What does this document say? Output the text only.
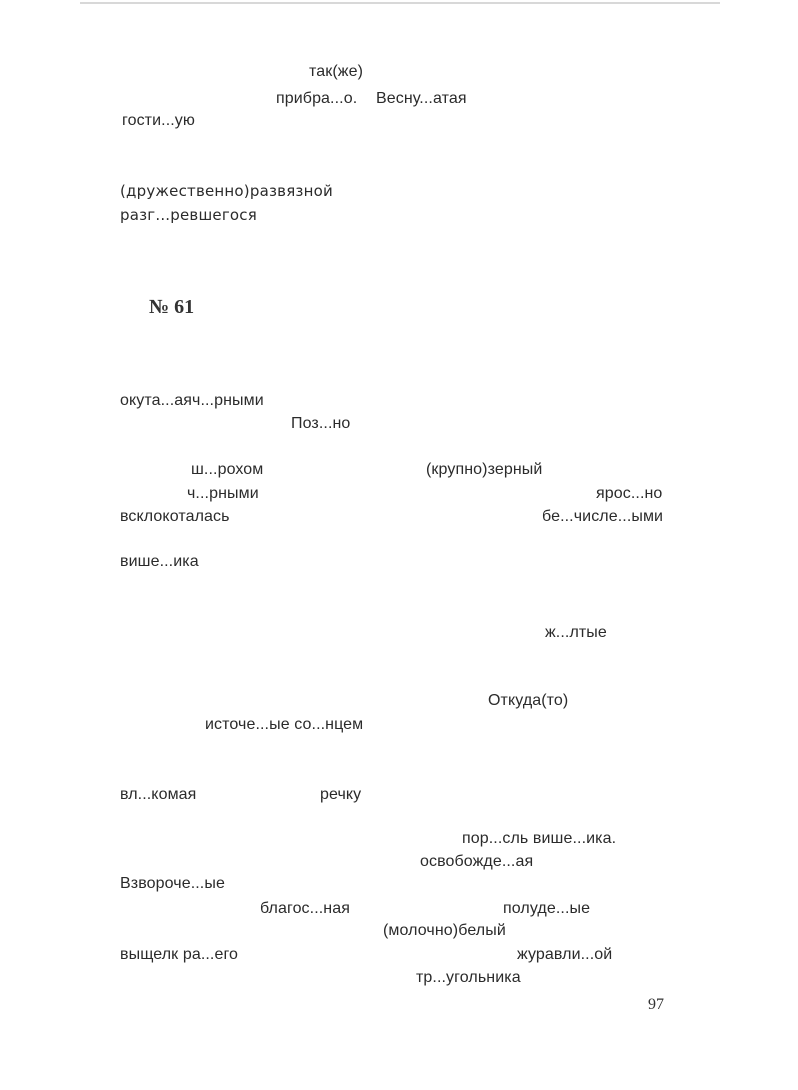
так(же)
прибра...о. Весну...атая
гости...ую
(дружественно)развязной
разг...ревшегося
№ 61
окута...аяч...рными
Поз...но
ш...рохом	(крупно)зерный
ч...рными	ярос...но
всклокоталась	бе...числе...ыми
више...ика
ж...лтые
Откуда(то)
источе...ые со...нцем
вл...комая	речку
пор...сль више...ика.
освобожде...ая
Взвороче...ые
благос...ная	полуде...ые
(молочно)белый
выщелк ра...его	журавли...ой
тр...угольника
97
